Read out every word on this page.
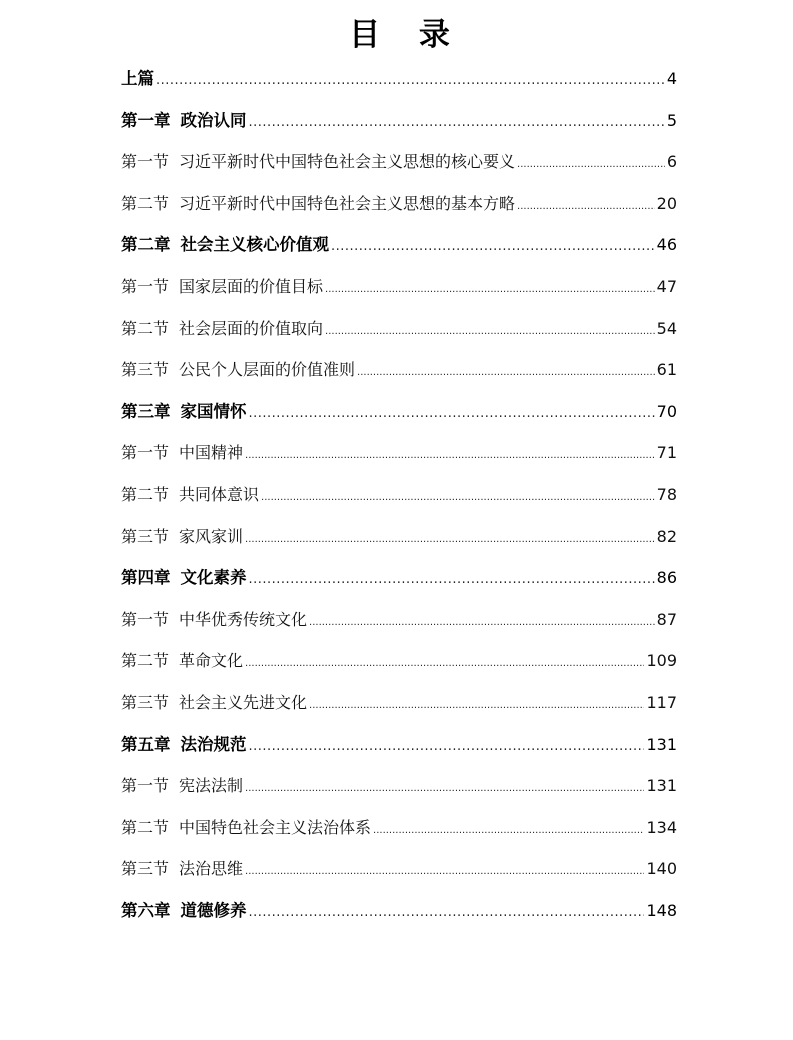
目 录
上篇 .....	4
第一章 政治认同 .....	5
第一节 习近平新时代中国特色社会主义思想的核心要义 .....	6
第二节 习近平新时代中国特色社会主义思想的基本方略 .....	20
第二章 社会主义核心价值观 .....	46
第一节 国家层面的价值目标 .....	47
第二节 社会层面的价值取向 .....	54
第三节 公民个人层面的价值准则 .....	61
第三章 家国情怀 .....	70
第一节 中国精神 .....	71
第二节 共同体意识 .....	78
第三节 家风家训 .....	82
第四章 文化素养 .....	86
第一节 中华优秀传统文化 .....	87
第二节 革命文化 .....	109
第三节 社会主义先进文化 .....	117
第五章 法治规范 .....	131
第一节 宪法法制 .....	131
第二节 中国特色社会主义法治体系 .....	134
第三节 法治思维 .....	140
第六章 道德修养 .....	148
